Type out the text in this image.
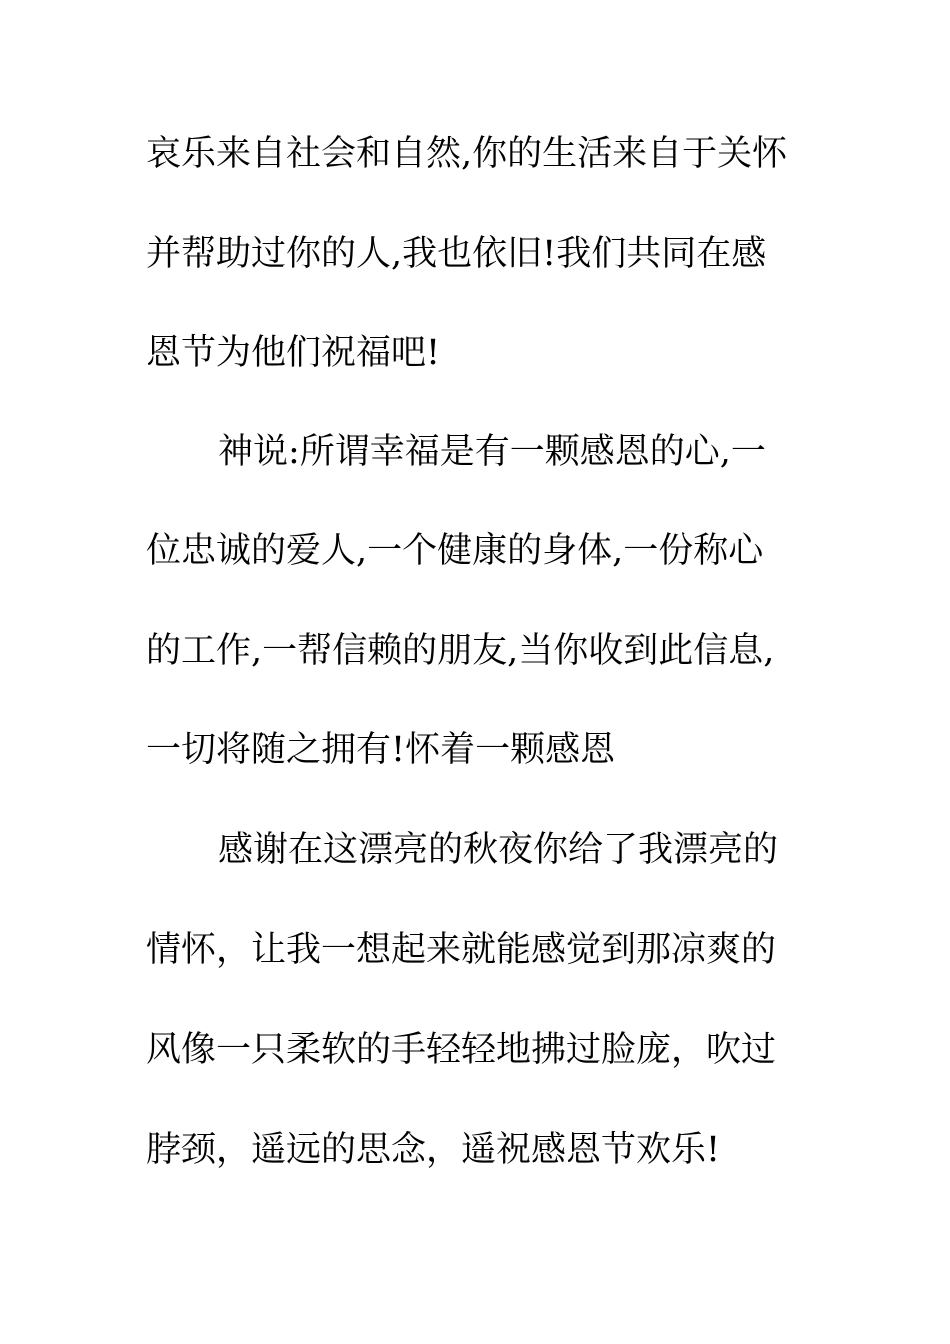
哀乐来自社会和自然,你的生活来自于关怀
并帮助过你的人,我也依旧!我们共同在感
恩节为他们祝福吧!
神说:所谓幸福是有一颗感恩的心,一
位忠诚的爱人,一个健康的身体,一份称心
的工作,一帮信赖的朋友,当你收到此信息,
一切将随之拥有!怀着一颗感恩
感谢在这漂亮的秋夜你给了我漂亮的
情怀，让我一想起来就能感觉到那凉爽的
风像一只柔软的手轻轻地拂过脸庞，吹过
脖颈，遥远的思念，遥祝感恩节欢乐!
